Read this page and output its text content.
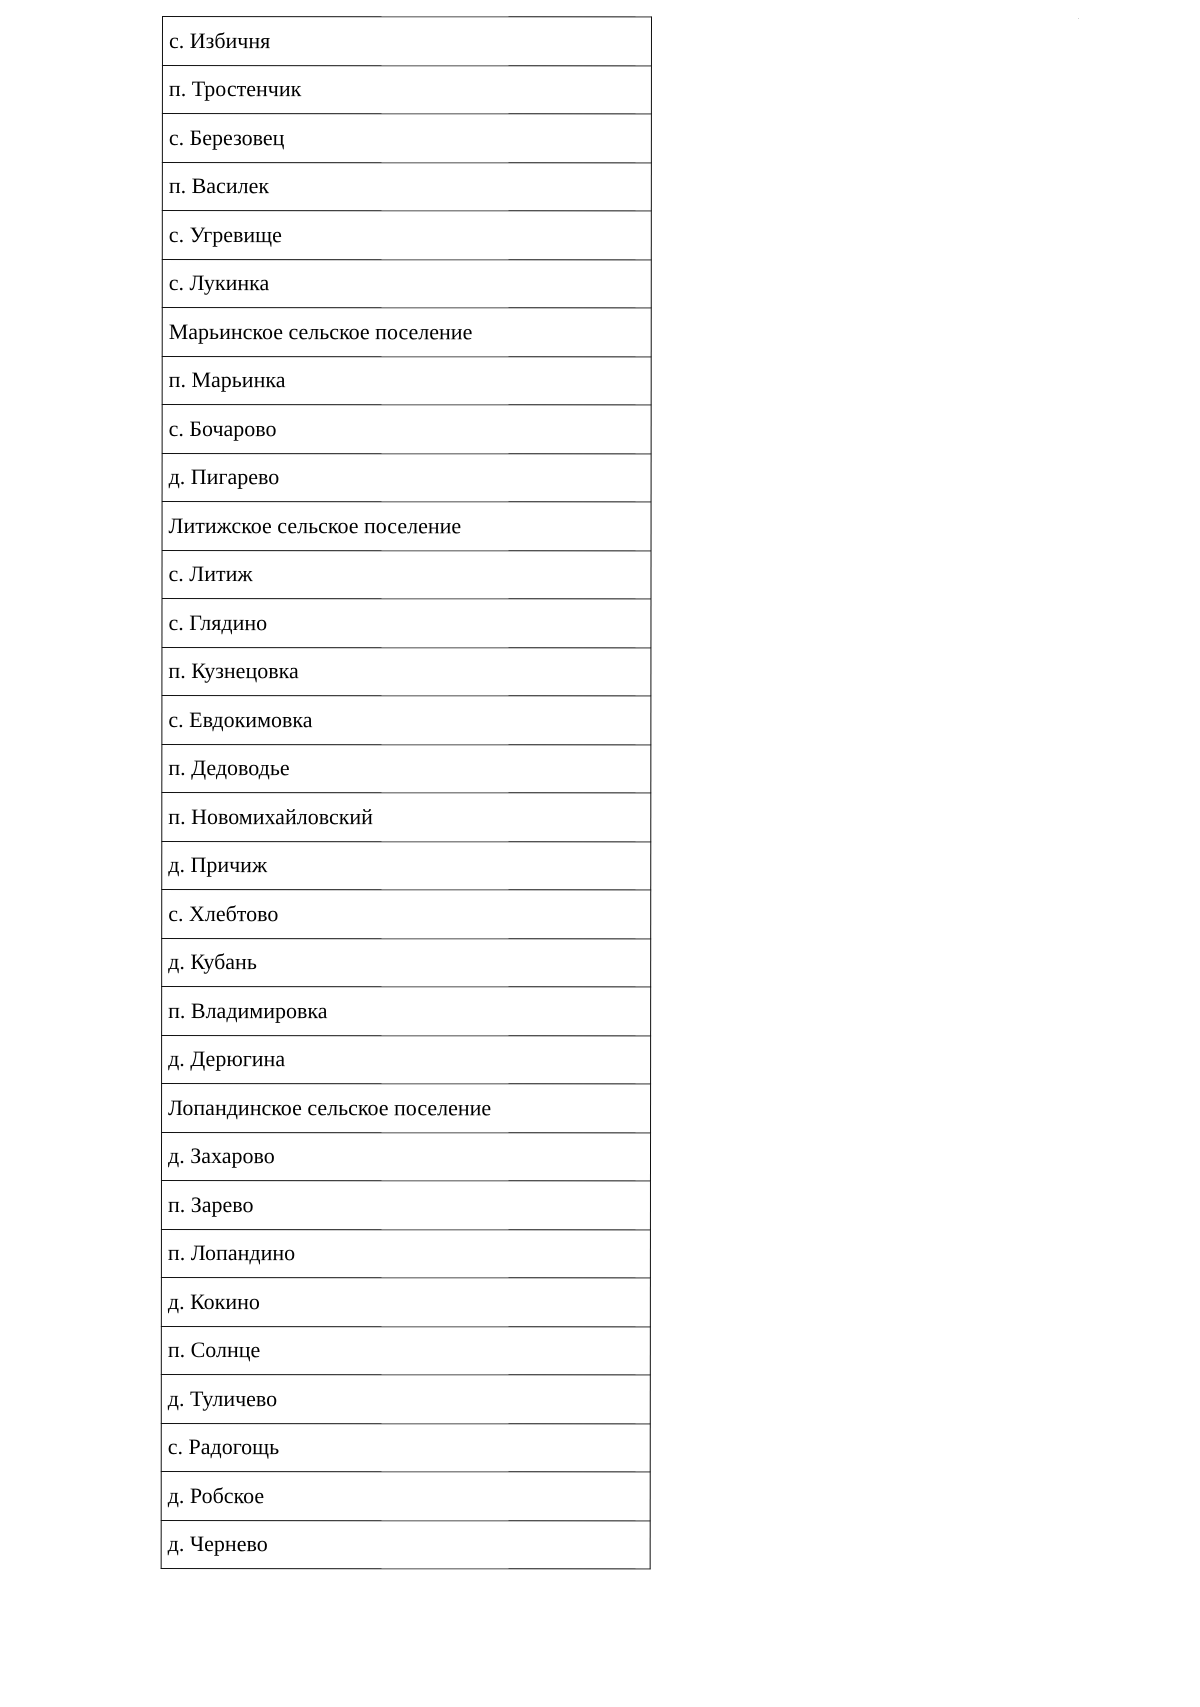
с. Избичня
п. Тростенчик
с. Березовец
п. Василек
с. Угревище
с. Лукинка
Марьинское сельское поселение
п. Марьинка
с. Бочарово
д. Пигарево
Литижское сельское поселение
с. Литиж
с. Глядино
п. Кузнецовка
с. Евдокимовка
п. Дедоводье
п. Новомихайловский
д. Причиж
с. Хлебтово
д. Кубань
п. Владимировка
д. Дерюгина
Лопандинское сельское поселение
д. Захарово
п. Зарево
п. Лопандино
д. Кокино
п. Солнце
д. Туличево
с. Радогощь
д. Робское
д. Чернево
